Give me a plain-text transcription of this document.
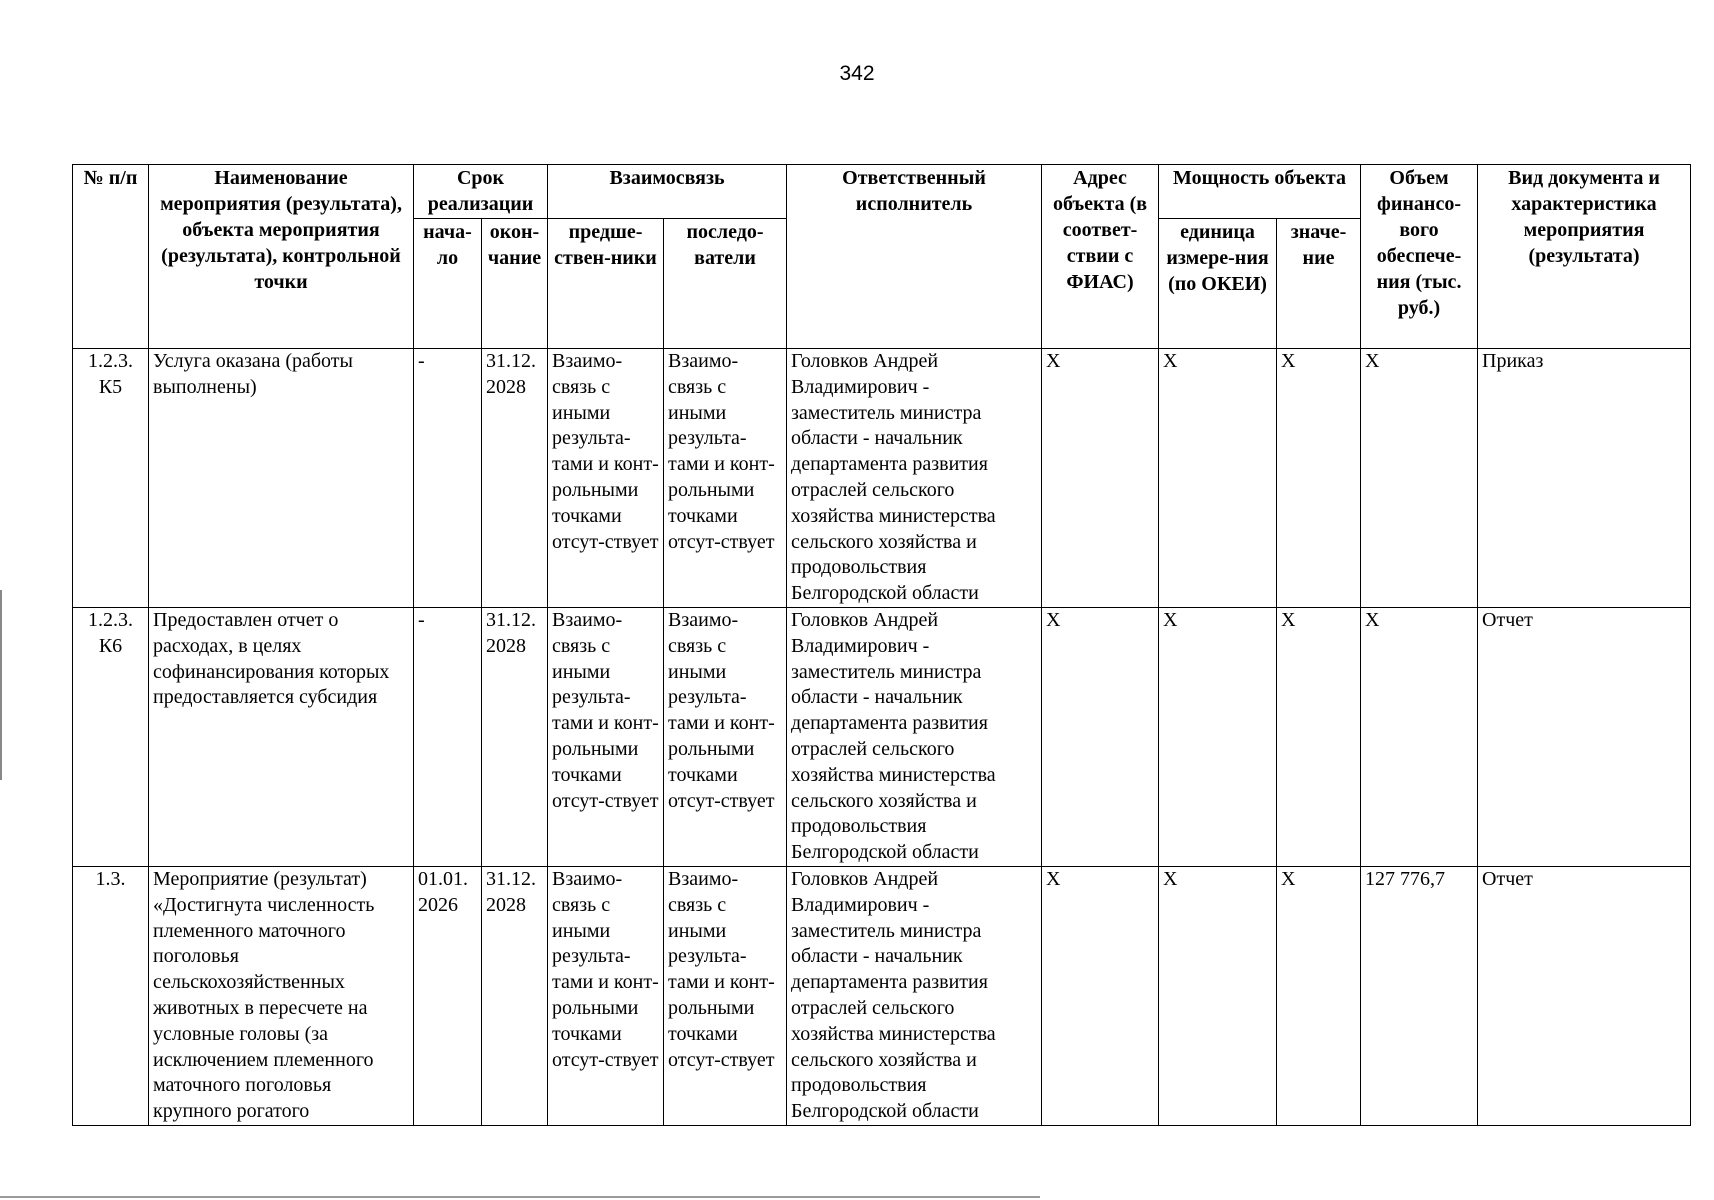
342
№ п/п	Наименование мероприятия (результата), объекта мероприятия (результата), контрольной точки	Срок реализации		Взаимосвязь		Ответственный исполнитель	Адрес объекта (в соответ-ствии с ФИАС)	Мощность объекта		Объем финансо-вого обеспече-ния (тыс. руб.)	Вид документа и характеристика мероприятия (результата)
		нача-ло	окон-чание	предше-ствен-ники	последо-ватели			единица измере-ния (по ОКЕИ)	значе-ние		
1.2.3. К5	Услуга оказана (работы выполнены)	-	31.12. 2028	Взаимо-связь с иными результа-тами и конт-рольными точками отсут-ствует	Взаимо-связь с иными результа-тами и конт-рольными точками отсут-ствует	Головков Андрей Владимирович - заместитель министра области - начальник департамента развития отраслей сельского хозяйства министерства сельского хозяйства и продовольствия Белгородской области	Х	Х	Х	Х	Приказ
1.2.3. К6	Предоставлен отчет о расходах, в целях софинансирования которых предоставляется субсидия	-	31.12. 2028	Взаимо-связь с иными результа-тами и конт-рольными точками отсут-ствует	Взаимо-связь с иными результа-тами и конт-рольными точками отсут-ствует	Головков Андрей Владимирович - заместитель министра области - начальник департамента развития отраслей сельского хозяйства министерства сельского хозяйства и продовольствия Белгородской области	Х	Х	Х	Х	Отчет
1.3.	Мероприятие (результат) «Достигнута численность племенного маточного поголовья сельскохозяйственных животных в пересчете на условные головы (за исключением племенного маточного поголовья крупного рогатого	01.01. 2026	31.12. 2028	Взаимо-связь с иными результа-тами и конт-рольными точками отсут-ствует	Взаимо-связь с иными результа-тами и конт-рольными точками отсут-ствует	Головков Андрей Владимирович - заместитель министра области - начальник департамента развития отраслей сельского хозяйства министерства сельского хозяйства и продовольствия Белгородской области	Х	Х	Х	127 776,7	Отчет
